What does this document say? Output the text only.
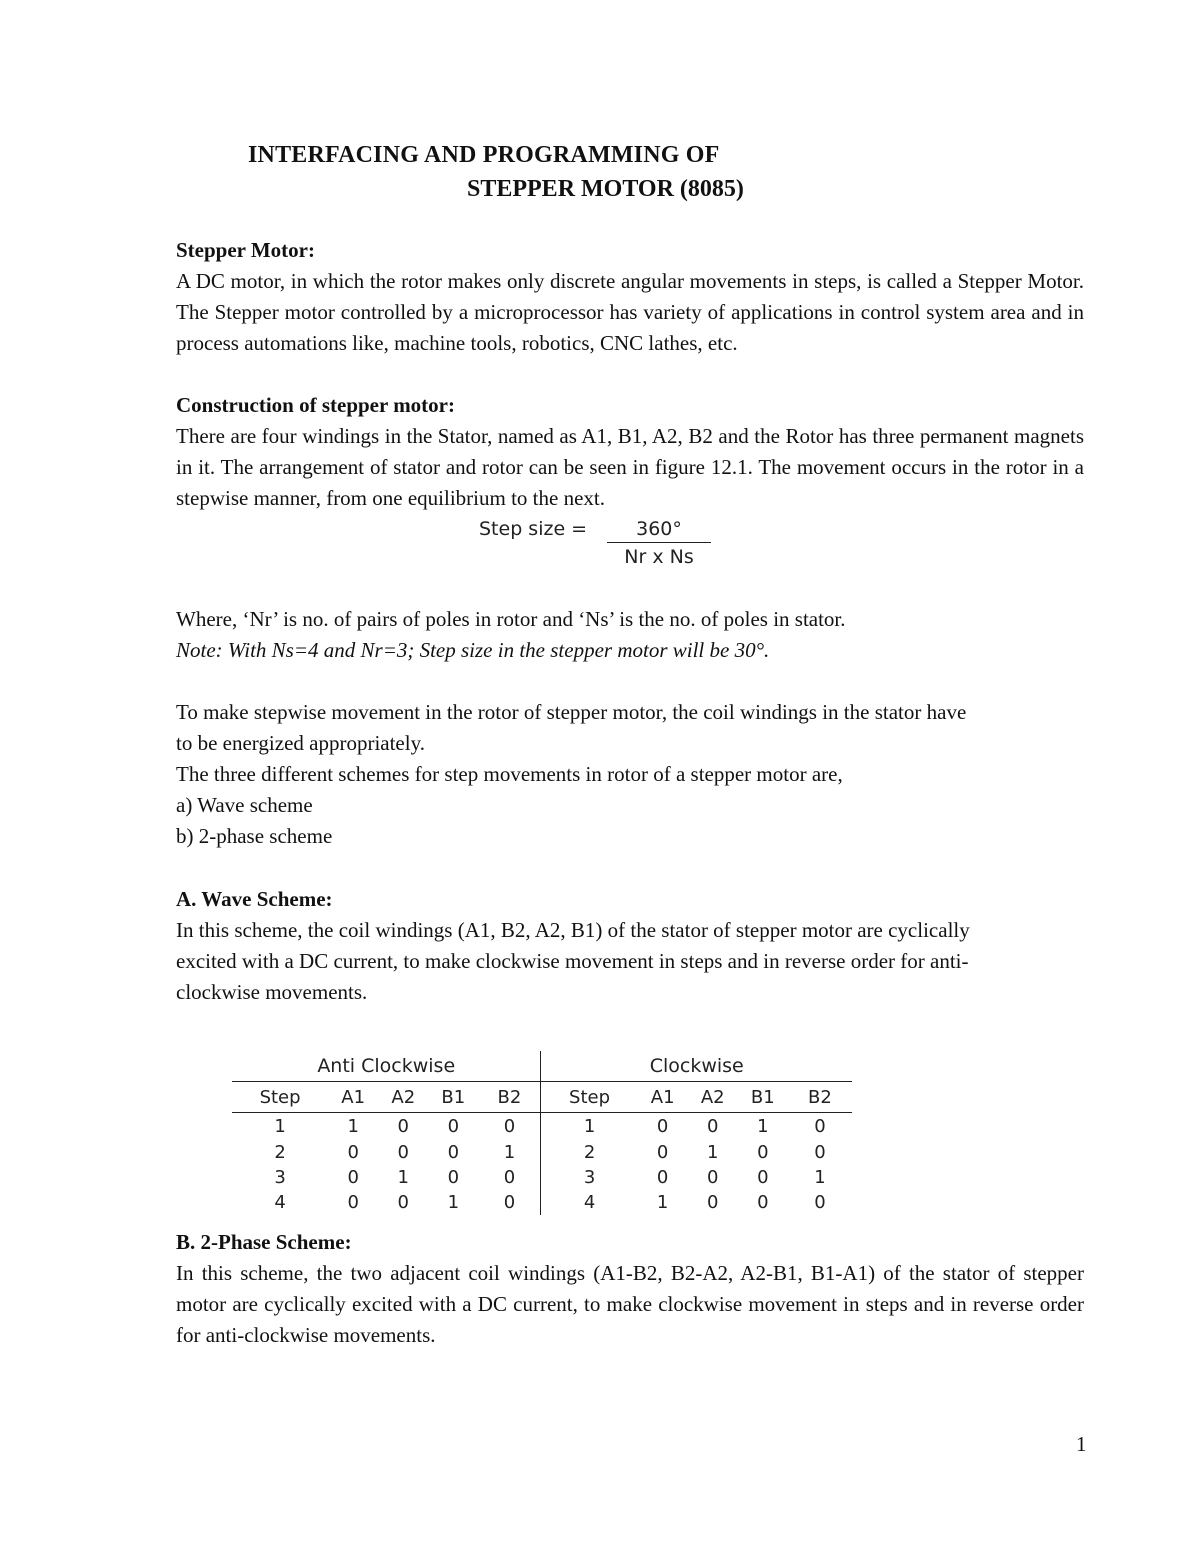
INTERFACING AND PROGRAMMING OF
STEPPER MOTOR (8085)

Stepper Motor:

A DC motor, in which the rotor makes only discrete angular movements in steps, is called a Stepper Motor. The Stepper motor controlled by a microprocessor has variety of applications in control system area and in process automations like, machine tools, robotics, CNC lathes, etc.

Construction of stepper motor:

There are four windings in the Stator, named as A1, B1, A2, B2 and the Rotor has three permanent magnets in it. The arrangement of stator and rotor can be seen in figure 12.1. The movement occurs in the rotor in a stepwise manner, from one equilibrium to the next.

Step size =	360°
Nr x Ns

Where, ‘Nr’ is no. of pairs of poles in rotor and ‘Ns’ is the no. of poles in stator.

Note: With Ns=4 and Nr=3; Step size in the stepper motor will be 30°.

To make stepwise movement in the rotor of stepper motor, the coil windings in the stator have

to be energized appropriately.

The three different schemes for step movements in rotor of a stepper motor are,

a) Wave scheme

b) 2-phase scheme

A. Wave Scheme:

In this scheme, the coil windings (A1, B2, A2, B1) of the stator of stepper motor are cyclically

excited with a DC current, to make clockwise movement in steps and in reverse order for anti-

clockwise movements.

Anti Clockwise					Clockwise				
Step	A1	A2	B1	B2	Step	A1	A2	B1	B2
1	1	0	0	0	1	0	0	1	0
2	0	0	0	1	2	0	1	0	0
3	0	1	0	0	3	0	0	0	1
4	0	0	1	0	4	1	0	0	0

B. 2-Phase Scheme:

In this scheme, the two adjacent coil windings (A1-B2, B2-A2, A2-B1, B1-A1) of the stator of stepper motor are cyclically excited with a DC current, to make clockwise movement in steps and in reverse order for anti-clockwise movements.

1
